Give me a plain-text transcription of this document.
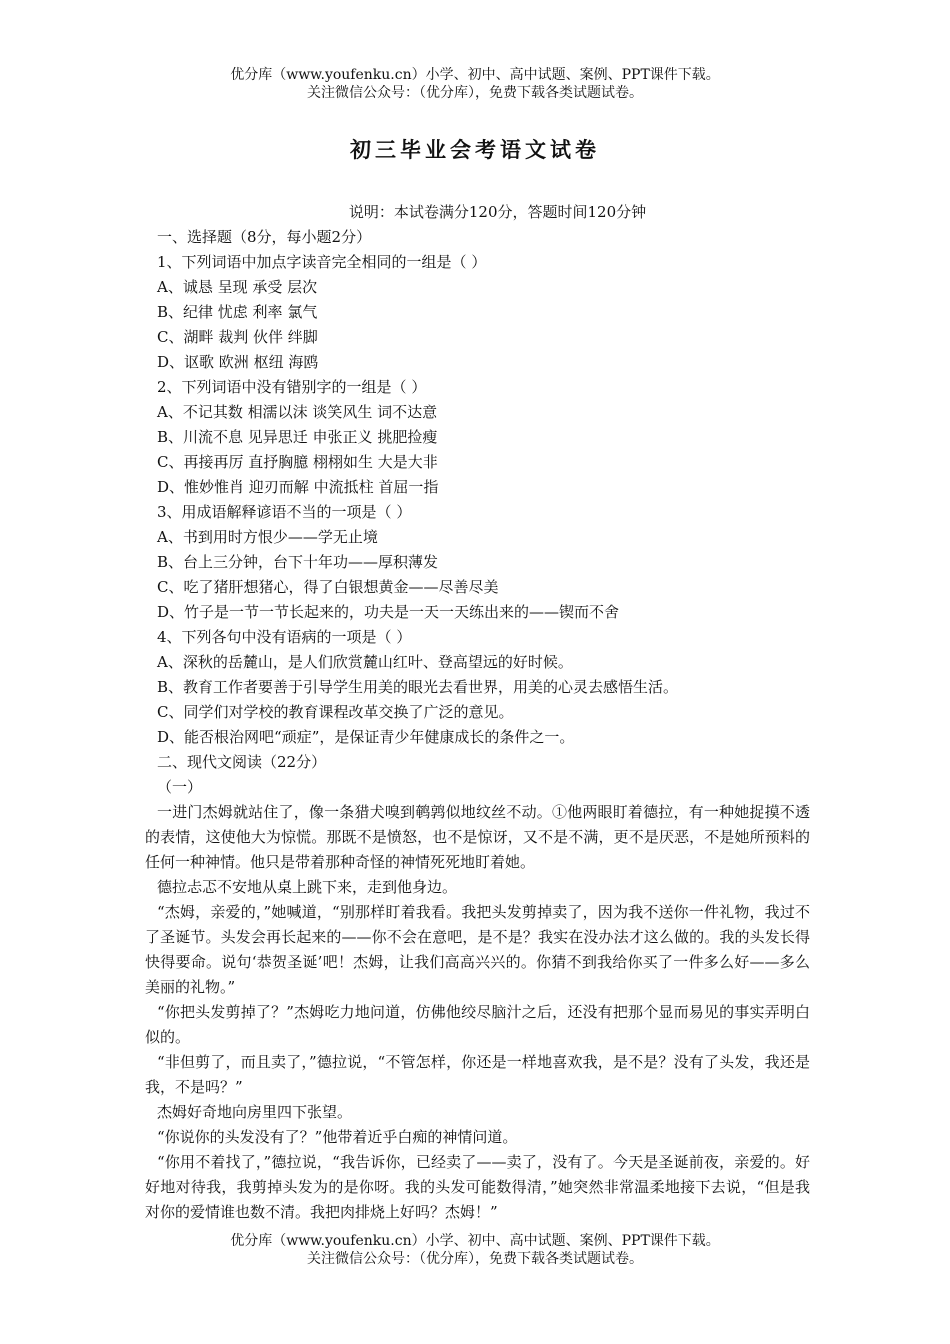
优分库（www.youfenku.cn）小学、初中、高中试题、案例、PPT课件下载。
关注微信公众号：（优分库），免费下载各类试题试卷。
初三毕业会考语文试卷
说明：本试卷满分120分，答题时间120分钟
一、选择题（8分，每小题2分）
1、下列词语中加点字读音完全相同的一组是（ ）
A、诚恳 呈现 承受 层次
B、纪律 忧虑 利率 氯气
C、湖畔 裁判 伙伴 绊脚
D、讴歌 欧洲 枢纽 海鸥
2、下列词语中没有错别字的一组是（ ）
A、不记其数 相濡以沫 谈笑风生 词不达意
B、川流不息 见异思迁 申张正义 挑肥捡瘦
C、再接再厉 直抒胸臆 栩栩如生 大是大非
D、惟妙惟肖 迎刃而解 中流抵柱 首屈一指
3、用成语解释谚语不当的一项是（ ）
A、书到用时方恨少——学无止境
B、台上三分钟，台下十年功——厚积薄发
C、吃了猪肝想猪心，得了白银想黄金——尽善尽美
D、竹子是一节一节长起来的，功夫是一天一天练出来的——锲而不舍
4、下列各句中没有语病的一项是（ ）
A、深秋的岳麓山，是人们欣赏麓山红叶、登高望远的好时候。
B、教育工作者要善于引导学生用美的眼光去看世界，用美的心灵去感悟生活。
C、同学们对学校的教育课程改革交换了广泛的意见。
D、能否根治网吧“顽症”，是保证青少年健康成长的条件之一。
二、现代文阅读（22分）
（一）
一进门杰姆就站住了，像一条猎犬嗅到鹌鹑似地纹丝不动。①他两眼盯着德拉，有一种她捉摸不透的表情，这使他大为惊慌。那既不是愤怒，也不是惊讶，又不是不满，更不是厌恶，不是她所预料的任何一种神情。他只是带着那种奇怪的神情死死地盯着她。
德拉忐忑不安地从桌上跳下来，走到他身边。
“杰姆，亲爱的，”她喊道，“别那样盯着我看。我把头发剪掉卖了，因为我不送你一件礼物，我过不了圣诞节。头发会再长起来的——你不会在意吧，是不是？我实在没办法才这么做的。我的头发长得快得要命。说句‘恭贺圣诞’吧！杰姆，让我们高高兴兴的。你猜不到我给你买了一件多么好——多么美丽的礼物。”
“你把头发剪掉了？”杰姆吃力地问道，仿佛他绞尽脑汁之后，还没有把那个显而易见的事实弄明白似的。
“非但剪了，而且卖了，”德拉说，“不管怎样，你还是一样地喜欢我，是不是？没有了头发，我还是我，不是吗？”
杰姆好奇地向房里四下张望。
“你说你的头发没有了？”他带着近乎白痴的神情问道。
“你用不着找了，”德拉说，“我告诉你，已经卖了——卖了，没有了。今天是圣诞前夜，亲爱的。好好地对待我，我剪掉头发为的是你呀。我的头发可能数得清，”她突然非常温柔地接下去说，“但是我对你的爱情谁也数不清。我把肉排烧上好吗？杰姆！”
优分库（www.youfenku.cn）小学、初中、高中试题、案例、PPT课件下载。
关注微信公众号：（优分库），免费下载各类试题试卷。
